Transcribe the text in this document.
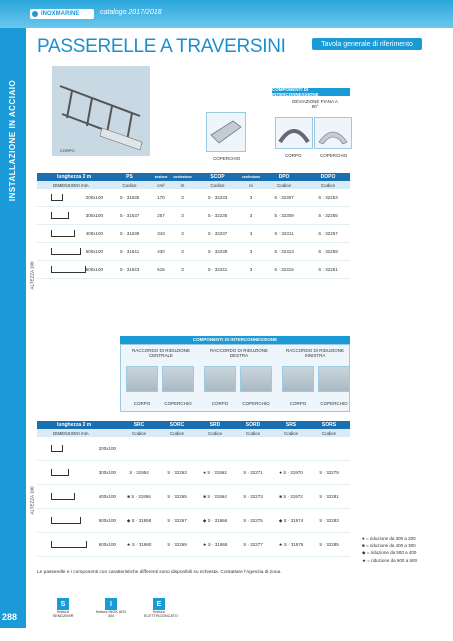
INOXMARINE	catalogo 2017/2018
INSTALLAZIONE IN ACCIAIO
PASSERELLE A TRAVERSINI	Tavola generale di riferimento
CORPO
COPERCHIO
COMPONENTI DI INTERCONNESSIONE
DEVIAZIONE PIANA A 90°
CORPO	COPERCHIO
lunghezza 3 m	PS	sezione	confezione	SCOP	confezione	DPO	DOPO
DIMENSIONI mm	Codice	cm²	m	Codice	m	Codice	Codice
200x100	S · 31635	170	3	S · 32233	3	S · 32307	S · 32253
300x100	S · 31637	257	3	S · 32235	3	S · 32309	S · 32255
400x100	S · 31639	343	3	S · 32237	3	S · 32311	S · 32257
500x100	S · 31641	430	3	S · 32239	3	S · 32313	S · 32259
600x100	S · 31643	516	3	S · 32241	3	S · 32315	S · 32261
ALTEZZA 100
COMPONENTI DI INTERCONNESSIONE
RACCORDO DI RIDUZIONE CENTRALE
RACCORDO DI RIDUZIONE DESTRA
RACCORDO DI RIDUZIONE SINISTRA
CORPO	COPERCHIO	CORPO	COPERCHIO	CORPO	COPERCHIO
lunghezza 3 m	SRC	SORC	SRD	SORD	SRS	SORS
DIMENSIONI mm	Codice	Codice	Codice	Codice	Codice	Codice
200x100
300x100	S · 31954	S · 32263	● S · 31962	S · 32271	● S · 31970	S · 32279
400x100	■ S · 31956	S · 32265	■ S · 31964	S · 32273	■ S · 31972	S · 32281
500x100	◆ S · 31958	S · 32267	◆ S · 31966	S · 32275	◆ S · 31974	S · 32283
600x100	★ S · 31960	S · 32269	★ S · 31968	S · 32277	★ S · 31976	S · 32285
ALTEZZA 100
● = riduzione da 300 a 200
■ = riduzione da 400 a 300
◆ = riduzione da 500 a 400
★ = riduzione da 600 a 500
Le passerelle e i componenti con caratteristiche differenti sono disponibili su richiesta. Contattare l'Agenzia di zona.
288
S
finitura SENDZIMIR
I
finitura INOX AISI 304
E
finitura ELETTROZINCATO
